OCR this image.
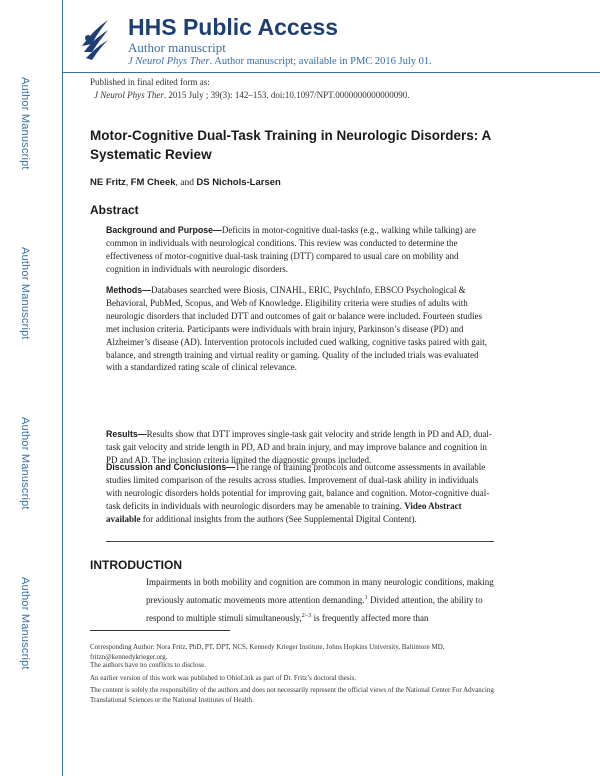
Author Manuscript
Author Manuscript
Author Manuscript
Author Manuscript
HHS Public Access
Author manuscript
J Neurol Phys Ther. Author manuscript; available in PMC 2016 July 01.
Published in final edited form as:
J Neurol Phys Ther. 2015 July ; 39(3): 142–153. doi:10.1097/NPT.0000000000000090.
Motor-Cognitive Dual-Task Training in Neurologic Disorders: A Systematic Review
NE Fritz, FM Cheek, and DS Nichols-Larsen
Abstract
Background and Purpose—Deficits in motor-cognitive dual-tasks (e.g., walking while talking) are common in individuals with neurological conditions. This review was conducted to determine the effectiveness of motor-cognitive dual-task training (DTT) compared to usual care on mobility and cognition in individuals with neurologic disorders.
Methods—Databases searched were Biosis, CINAHL, ERIC, PsychInfo, EBSCO Psychological & Behavioral, PubMed, Scopus, and Web of Knowledge. Eligibility criteria were studies of adults with neurologic disorders that included DTT and outcomes of gait or balance were included. Fourteen studies met inclusion criteria. Participants were individuals with brain injury, Parkinson’s disease (PD) and Alzheimer’s disease (AD). Intervention protocols included cued walking, cognitive tasks paired with gait, balance, and strength training and virtual reality or gaming. Quality of the included trials was evaluated with a standardized rating scale of clinical relevance.
Results—Results show that DTT improves single-task gait velocity and stride length in PD and AD, dual-task gait velocity and stride length in PD, AD and brain injury, and may improve balance and cognition in PD and AD. The inclusion criteria limited the diagnostic groups included.
Discussion and Conclusions—The range of training protocols and outcome assessments in available studies limited comparison of the results across studies. Improvement of dual-task ability in individuals with neurologic disorders holds potential for improving gait, balance and cognition. Motor-cognitive dual-task deficits in individuals with neurologic disorders may be amenable to training. Video Abstract available for additional insights from the authors (See Supplemental Digital Content).
INTRODUCTION
Impairments in both mobility and cognition are common in many neurologic conditions, making previously automatic movements more attention demanding.$^1$ Divided attention, the ability to respond to multiple stimuli simultaneously,$^{2-3}$ is frequently affected more than
Corresponding Author: Nora Fritz, PhD, PT, DPT, NCS, Kennedy Krieger Institute, Johns Hopkins University, Baltimore MD, fritzn@kennedykrieger.org.
The authors have no conflicts to disclose.
An earlier version of this work was published to OhioLink as part of Dr. Fritz’s doctoral thesis.
The content is solely the responsibility of the authors and does not necessarily represent the official views of the National Center For Advancing Translational Sciences or the National Institutes of Health.
